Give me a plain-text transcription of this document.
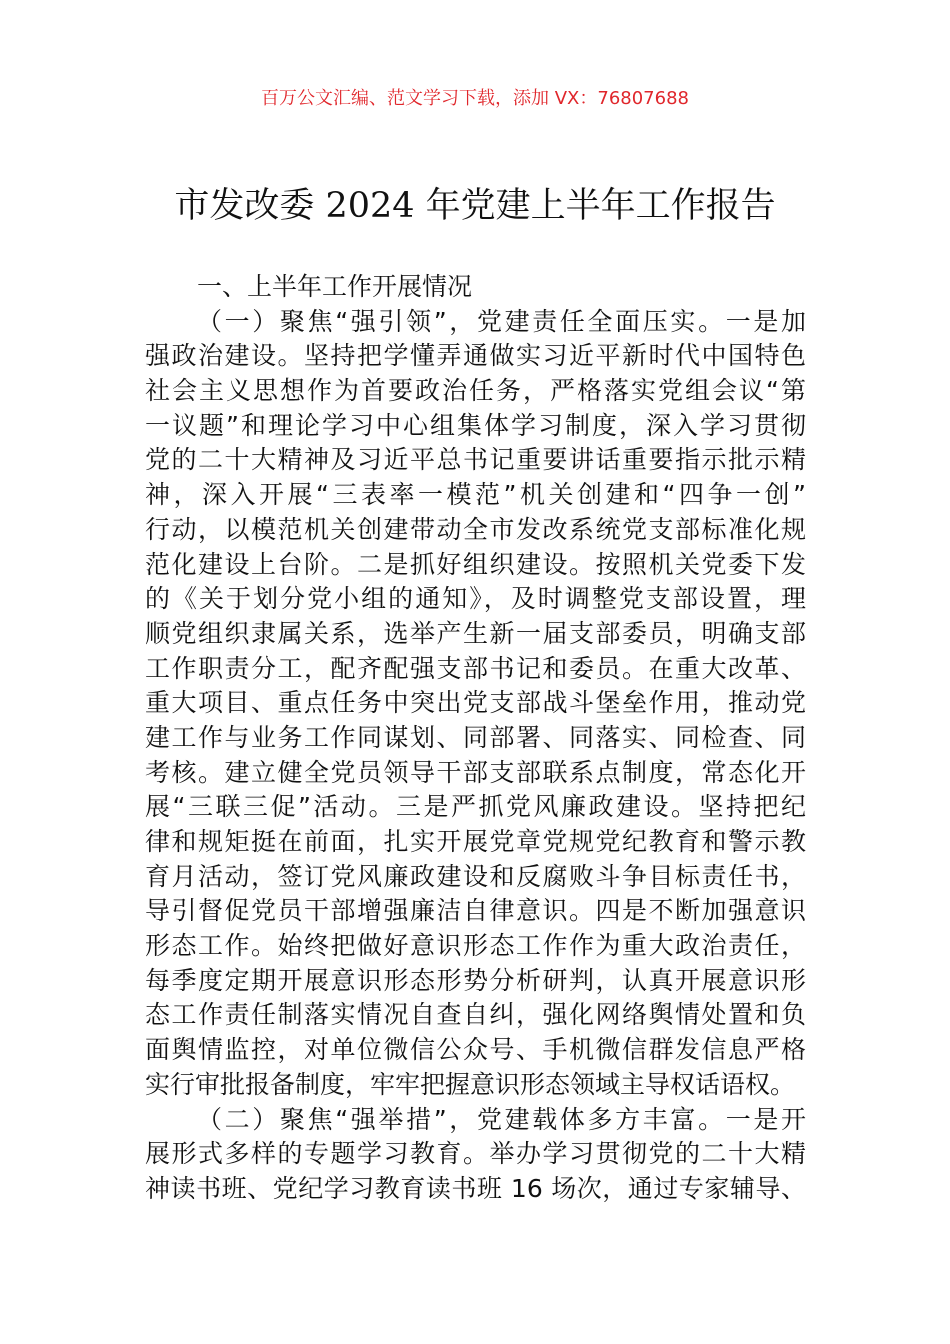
百万公文汇编、范文学习下载，添加 VX：76807688
市发改委 2024 年党建上半年工作报告
一、上半年工作开展情况
（一）聚焦“强引领”，党建责任全面压实。一是加
强政治建设。坚持把学懂弄通做实习近平新时代中国特色
社会主义思想作为首要政治任务，严格落实党组会议“第
一议题”和理论学习中心组集体学习制度，深入学习贯彻
党的二十大精神及习近平总书记重要讲话重要指示批示精
神，深入开展“三表率一模范”机关创建和“四争一创”
行动，以模范机关创建带动全市发改系统党支部标准化规
范化建设上台阶。二是抓好组织建设。按照机关党委下发
的《关于划分党小组的通知》，及时调整党支部设置，理
顺党组织隶属关系，选举产生新一届支部委员，明确支部
工作职责分工，配齐配强支部书记和委员。在重大改革、
重大项目、重点任务中突出党支部战斗堡垒作用，推动党
建工作与业务工作同谋划、同部署、同落实、同检查、同
考核。建立健全党员领导干部支部联系点制度，常态化开
展“三联三促”活动。三是严抓党风廉政建设。坚持把纪
律和规矩挺在前面，扎实开展党章党规党纪教育和警示教
育月活动，签订党风廉政建设和反腐败斗争目标责任书，
导引督促党员干部增强廉洁自律意识。四是不断加强意识
形态工作。始终把做好意识形态工作作为重大政治责任，
每季度定期开展意识形态形势分析研判，认真开展意识形
态工作责任制落实情况自查自纠，强化网络舆情处置和负
面舆情监控，对单位微信公众号、手机微信群发信息严格
实行审批报备制度，牢牢把握意识形态领域主导权话语权。
（二）聚焦“强举措”，党建载体多方丰富。一是开
展形式多样的专题学习教育。举办学习贯彻党的二十大精
神读书班、党纪学习教育读书班 16 场次，通过专家辅导、
